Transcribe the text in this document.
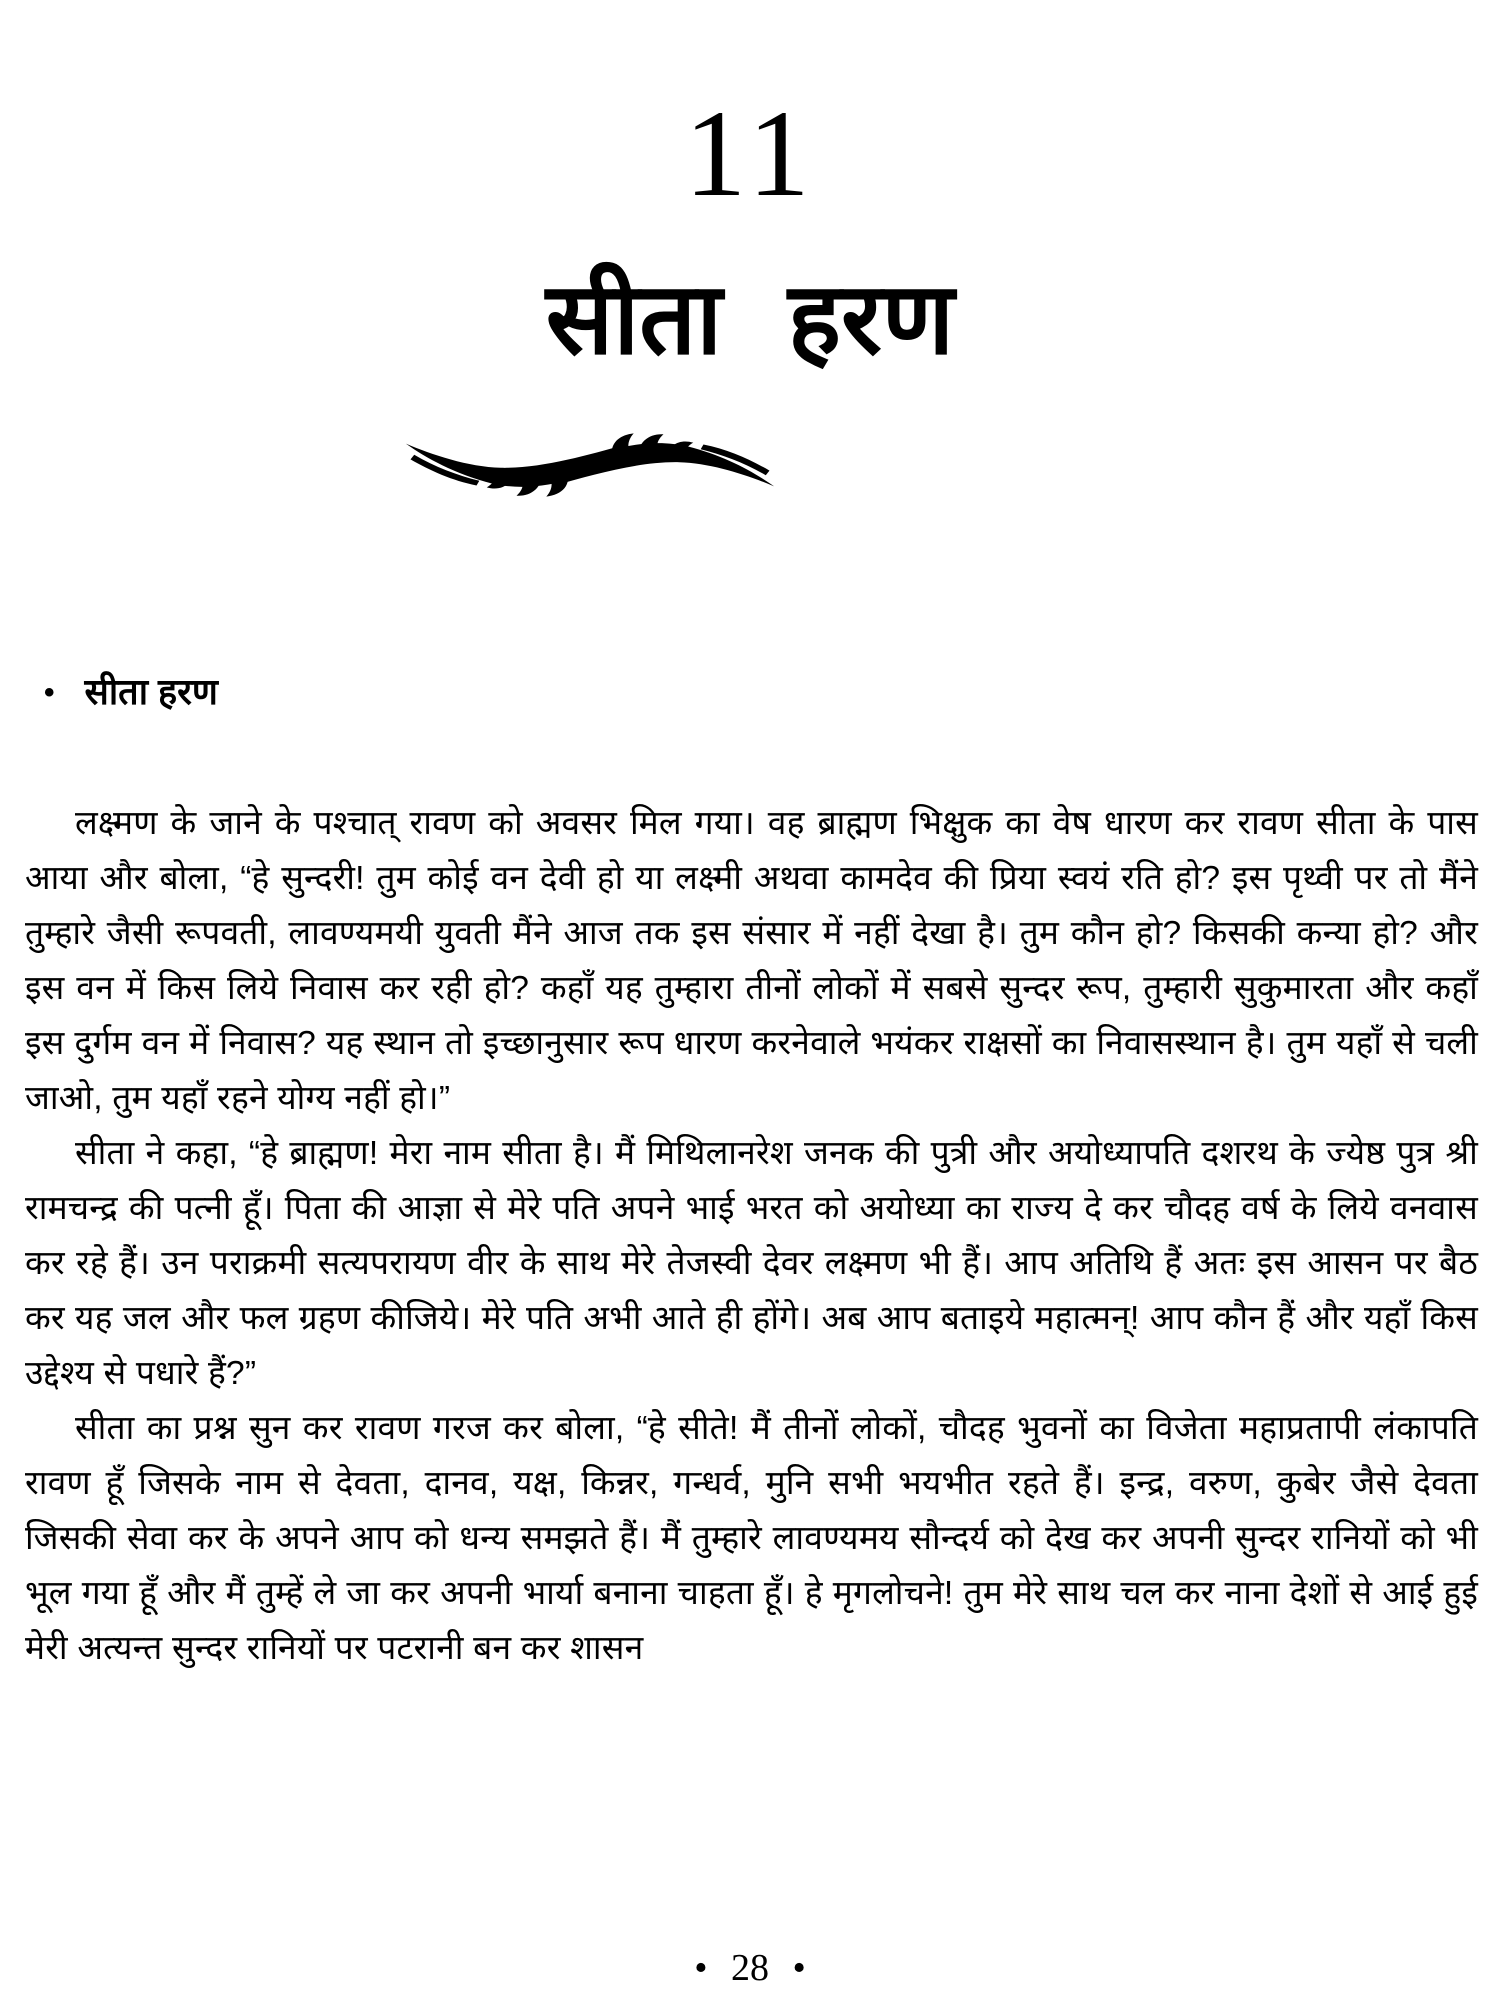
11
सीता हरण
• सीता हरण

लक्ष्मण के जाने के पश्चात् रावण को अवसर मिल गया। वह ब्राह्मण भिक्षुक का वेष धारण कर रावण सीता के पास आया और बोला, “हे सुन्दरी! तुम कोई वन देवी हो या लक्ष्मी अथवा कामदेव की प्रिया स्वयं रति हो? इस पृथ्वी पर तो मैंने तुम्हारे जैसी रूपवती, लावण्यमयी युवती मैंने आज तक इस संसार में नहीं देखा है। तुम कौन हो? किसकी कन्या हो? और इस वन में किस लिये निवास कर रही हो? कहाँ यह तुम्हारा तीनों लोकों में सबसे सुन्दर रूप, तुम्हारी सुकुमारता और कहाँ इस दुर्गम वन में निवास? यह स्थान तो इच्छानुसार रूप धारण करनेवाले भयंकर राक्षसों का निवासस्थान है। तुम यहाँ से चली जाओ, तुम यहाँ रहने योग्य नहीं हो।”

सीता ने कहा, “हे ब्राह्मण! मेरा नाम सीता है। मैं मिथिलानरेश जनक की पुत्री और अयोध्यापति दशरथ के ज्येष्ठ पुत्र श्री रामचन्द्र की पत्नी हूँ। पिता की आज्ञा से मेरे पति अपने भाई भरत को अयोध्या का राज्य दे कर चौदह वर्ष के लिये वनवास कर रहे हैं। उन पराक्रमी सत्यपरायण वीर के साथ मेरे तेजस्वी देवर लक्ष्मण भी हैं। आप अतिथि हैं अतः इस आसन पर बैठ कर यह जल और फल ग्रहण कीजिये। मेरे पति अभी आते ही होंगे। अब आप बताइये महात्मन्! आप कौन हैं और यहाँ किस उद्देश्य से पधारे हैं?”

सीता का प्रश्न सुन कर रावण गरज कर बोला, “हे सीते! मैं तीनों लोकों, चौदह भुवनों का विजेता महाप्रतापी लंकापति रावण हूँ जिसके नाम से देवता, दानव, यक्ष, किन्नर, गन्धर्व, मुनि सभी भयभीत रहते हैं। इन्द्र, वरुण, कुबेर जैसे देवता जिसकी सेवा कर के अपने आप को धन्य समझते हैं। मैं तुम्हारे लावण्यमय सौन्दर्य को देख कर अपनी सुन्दर रानियों को भी भूल गया हूँ और मैं तुम्हें ले जा कर अपनी भार्या बनाना चाहता हूँ। हे मृगलोचने! तुम मेरे साथ चल कर नाना देशों से आई हुई मेरी अत्यन्त सुन्दर रानियों पर पटरानी बन कर शासन

• 28 •
